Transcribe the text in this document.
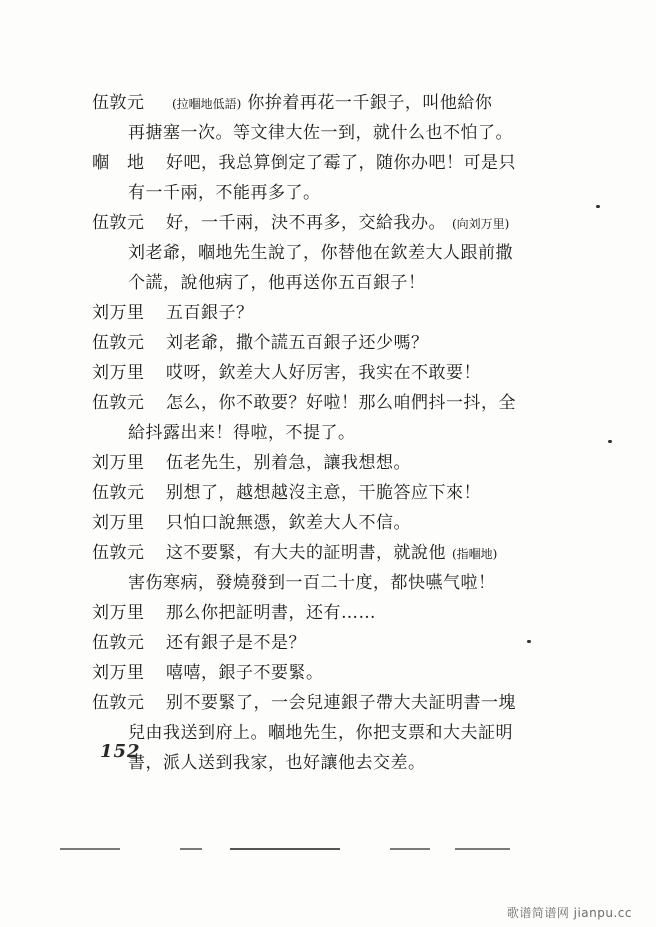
伍敦元	(拉嗰地低語) 你拚着再花一千銀子，叫他給你
再搪塞一次。等文律大佐一到，就什么也不怕了。
嗰　地	好吧，我总算倒定了霉了，随你办吧！可是只
有一千兩，不能再多了。
伍敦元	好，一千兩，決不再多，交給我办。 (向刘万里)
刘老爺，嗰地先生說了，你替他在欽差大人跟前撒
个謊，說他病了，他再送你五百銀子！
刘万里	五百銀子？
伍敦元	刘老爺，撒个謊五百銀子还少嗎？
刘万里	哎呀，欽差大人好厉害，我实在不敢要！
伍敦元	怎么，你不敢要？好啦！那么咱們抖一抖，全
給抖露出来！得啦，不提了。
刘万里	伍老先生，别着急，讓我想想。
伍敦元	别想了，越想越沒主意，干脆答应下來！
刘万里	只怕口說無憑，欽差大人不信。
伍敦元	这不要緊，有大夫的証明書，就說他 (指嗰地)
害伤寒病，發燒發到一百二十度，都快嚥气啦！
刘万里	那么你把証明書，还有……
伍敦元	还有銀子是不是？
刘万里	嘻嘻，銀子不要緊。
伍敦元	别不要緊了，一会兒連銀子帶大夫証明書一塊
兒由我送到府上。嗰地先生，你把支票和大夫証明
書，派人送到我家，也好讓他去交差。
152
歌谱简谱网 jianpu.cc
